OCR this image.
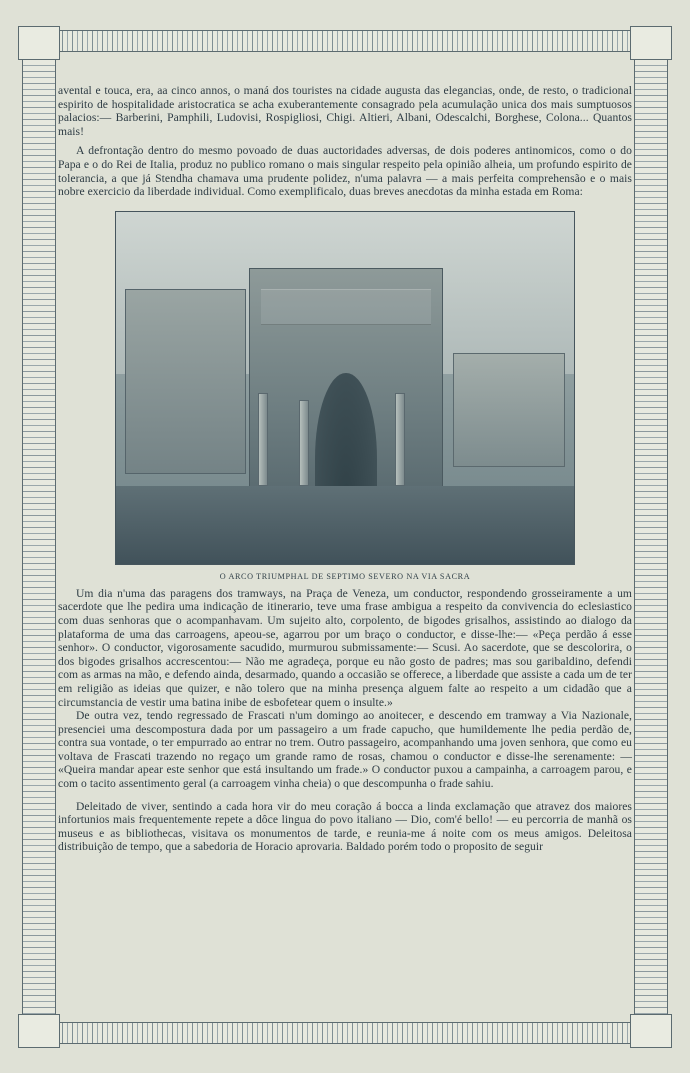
avental e touca, era, aa cinco annos, o maná dos touristes na cidade augusta das elegancias, onde, de resto, o tradicional espirito de hospitalidade aristocratica se acha exuberantemente consagrado pela acumulação unica dos mais sumptuosos palacios:— Barberini, Pamphili, Ludovisi, Rospigliosi, Chigi. Altieri, Albani, Odescalchi, Borghese, Colona... Quantos mais!

A defrontação dentro do mesmo povoado de duas auctoridades adversas, de dois poderes antinomicos, como o do Papa e o do Rei de Italia, produz no publico romano o mais singular respeito pela opinião alheia, um profundo espirito de tolerancia, a que já Stendha chamava uma prudente polidez, n'uma palavra — a mais perfeita comprehensão e o mais nobre exercicio da liberdade individual. Como exemplificalo, duas breves anecdotas da minha estada em Roma:

O ARCO TRIUMPHAL DE SEPTIMO SEVERO NA VIA SACRA

Um dia n'uma das paragens dos tramways, na Praça de Veneza, um conductor, respondendo grosseiramente a um sacerdote que lhe pedira uma indicação de itinerario, teve uma frase ambigua a respeito da convivencia do eclesiastico com duas senhoras que o acompanhavam. Um sujeito alto, corpolento, de bigodes grisalhos, assistindo ao dialogo da plataforma de uma das carroagens, apeou-se, agarrou por um braço o conductor, e disse-lhe:— «Peça perdão á esse senhor». O conductor, vigorosamente sacudido, murmurou submissamente:— Scusi. Ao sacerdote, que se descolorira, o dos bigodes grisalhos accrescentou:— Não me agradeça, porque eu não gosto de padres; mas sou garibaldino, defendi com as armas na mão, e defendo ainda, desarmado, quando a occasião se offerece, a liberdade que assiste a cada um de ter em religião as ideias que quizer, e não tolero que na minha presença alguem falte ao respeito a um cidadão que a circumstancia de vestir uma batina inibe de esbofetear quem o insulte.»

De outra vez, tendo regressado de Frascati n'um domingo ao anoitecer, e descendo em tramway a Via Nazionale, presenciei uma descompostura dada por um passageiro a um frade capucho, que humildemente lhe pedia perdão de, contra sua vontade, o ter empurrado ao entrar no trem. Outro passageiro, acompanhando uma joven senhora, que como eu voltava de Frascati trazendo no regaço um grande ramo de rosas, chamou o conductor e disse-lhe serenamente: — «Queira mandar apear este senhor que está insultando um frade.» O conductor puxou a campainha, a carroagem parou, e com o tacito assentimento geral (a carroagem vinha cheia) o que descompunha o frade sahiu.

Deleitado de viver, sentindo a cada hora vir do meu coração á bocca a linda exclamação que atravez dos maiores infortunios mais frequentemente repete a dôce lingua do povo italiano — Dio, com'é bello! — eu percorria de manhã os museus e as bibliothecas, visitava os monumentos de tarde, e reunia-me á noite com os meus amigos. Deleitosa distribuição de tempo, que a sabedoria de Horacio aprovaria. Baldado porém todo o proposito de seguir
